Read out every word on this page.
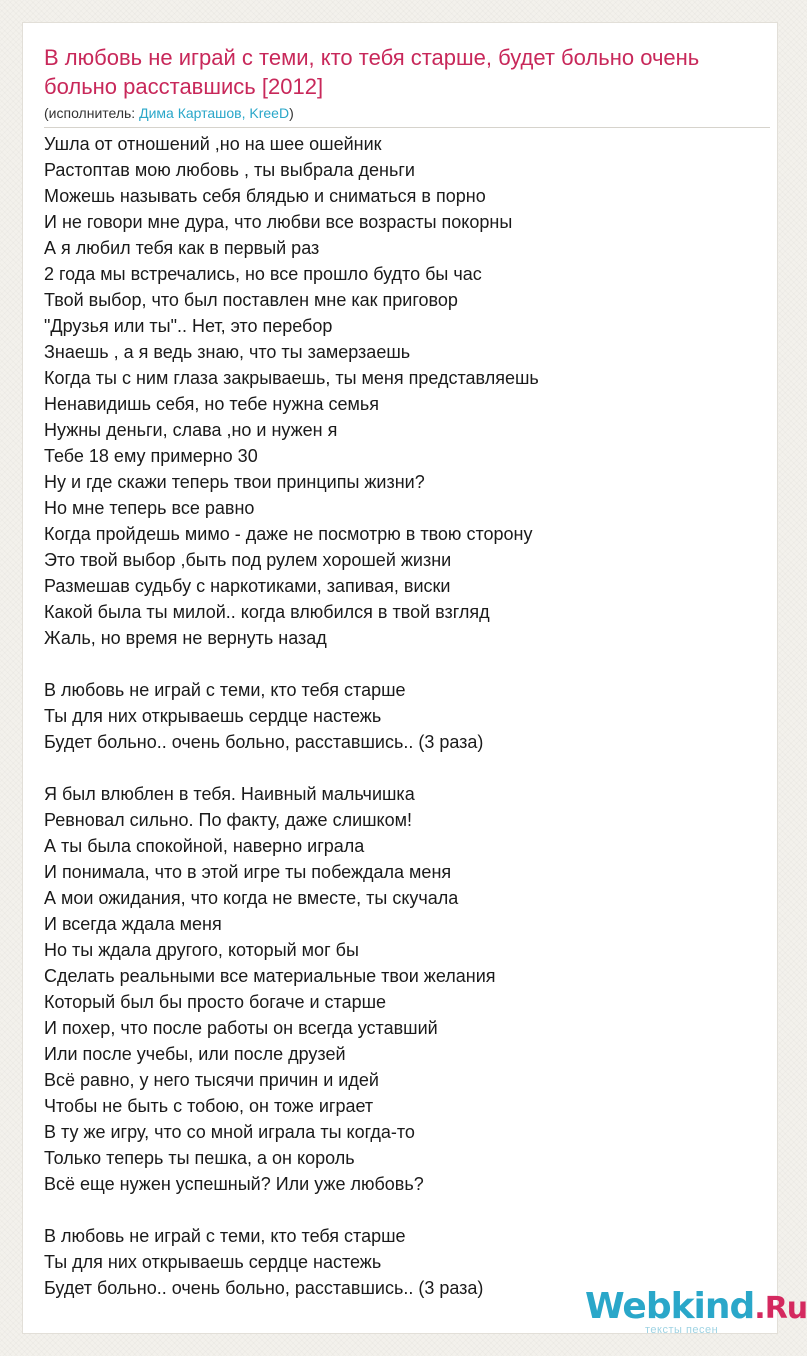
В любовь не играй с теми, кто тебя старше, будет больно очень больно расставшись [2012]
(исполнитель: Дима Карташов, KreeD)
Ушла от отношений ,но на шее ошейник
Растоптав мою любовь , ты выбрала деньги
Можешь называть себя блядью и сниматься в порно
И не говори мне дура, что любви все возрасты покорны
А я любил тебя как в первый раз
2 года мы встречались, но все прошло будто бы час
Твой выбор, что был поставлен мне как приговор
"Друзья или ты".. Нет, это перебор
Знаешь , а я ведь знаю, что ты замерзаешь
Когда ты с ним глаза закрываешь, ты меня представляешь
Ненавидишь себя, но тебе нужна семья
Нужны деньги, слава ,но и нужен я
Тебе 18 ему примерно 30
Ну и где скажи теперь твои принципы жизни?
Но мне теперь все равно
Когда пройдешь мимо - даже не посмотрю в твою сторону
Это твой выбор ,быть под рулем хорошей жизни
Размешав судьбу с наркотиками, запивая, виски
Какой была ты милой.. когда влюбился в твой взгляд
Жаль, но время не вернуть назад
В любовь не играй с теми, кто тебя старше
Ты для них открываешь сердце настежь
Будет больно.. очень больно, расставшись.. (3 раза)
Я был влюблен в тебя. Наивный мальчишка
Ревновал сильно. По факту, даже слишком!
А ты была спокойной, наверно играла
И понимала, что в этой игре ты побеждала меня
А мои ожидания, что когда не вместе, ты скучала
И всегда ждала меня
Но ты ждала другого, который мог бы
Сделать реальными все материальные твои желания
Который был бы просто богаче и старше
И похер, что после работы он всегда уставший
Или после учебы, или после друзей
Всё равно, у него тысячи причин и идей
Чтобы не быть с тобою, он тоже играет
В ту же игру, что со мной играла ты когда-то
Только теперь ты пешка, а он король
Всё еще нужен успешный? Или уже любовь?
В любовь не играй с теми, кто тебя старше
Ты для них открываешь сердце настежь
Будет больно.. очень больно, расставшись.. (3 раза)	Webkind.Ru
тексты песен
